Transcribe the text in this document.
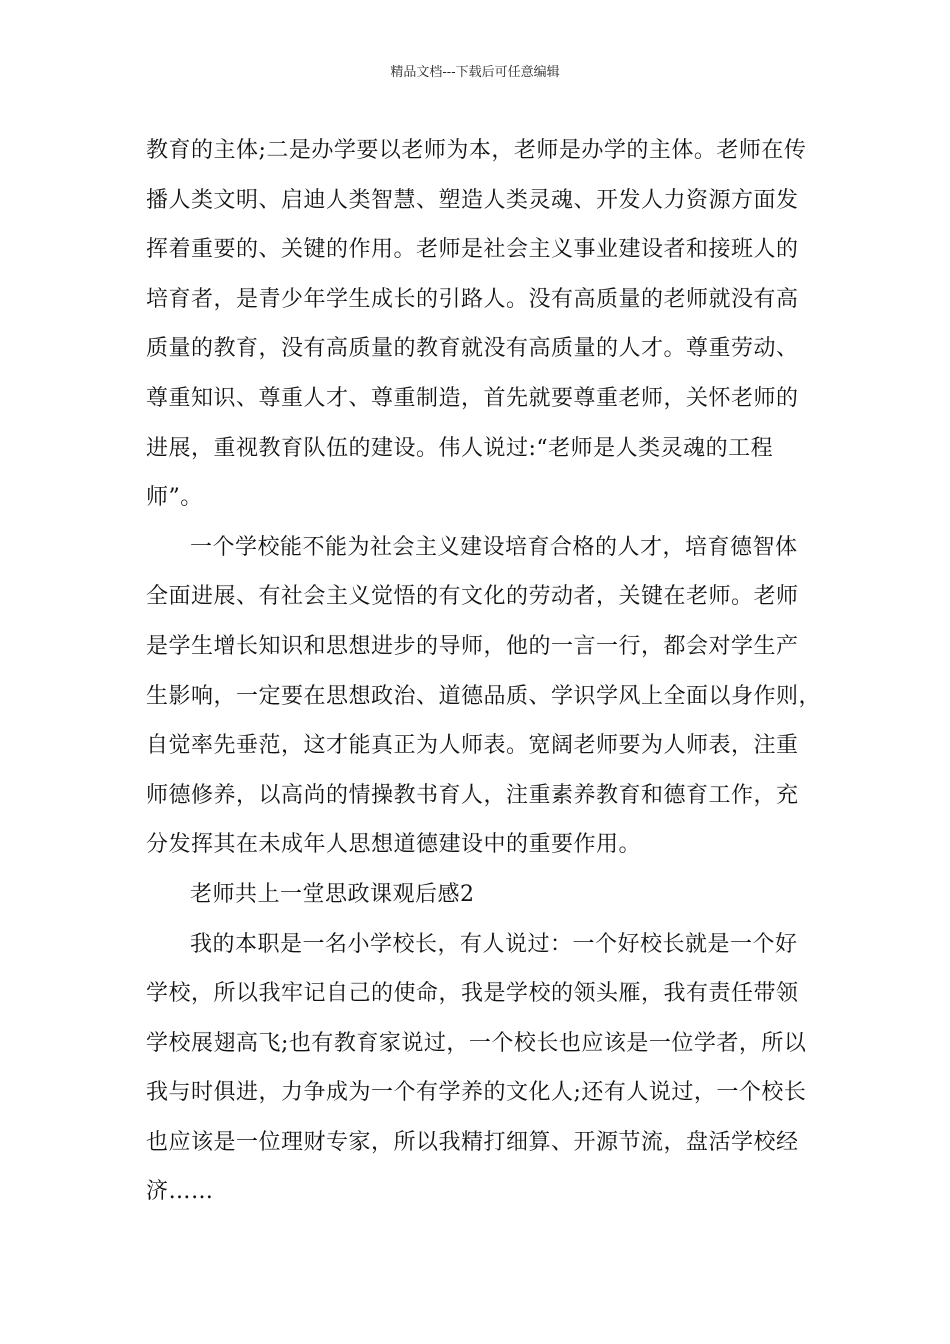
精品文档---下载后可任意编辑
教育的主体;二是办学要以老师为本，老师是办学的主体。老师在传
播人类文明、启迪人类智慧、塑造人类灵魂、开发人力资源方面发
挥着重要的、关键的作用。老师是社会主义事业建设者和接班人的
培育者，是青少年学生成长的引路人。没有高质量的老师就没有高
质量的教育，没有高质量的教育就没有高质量的人才。尊重劳动、
尊重知识、尊重人才、尊重制造，首先就要尊重老师，关怀老师的
进展，重视教育队伍的建设。伟人说过:“老师是人类灵魂的工程
师”。
一个学校能不能为社会主义建设培育合格的人才，培育德智体
全面进展、有社会主义觉悟的有文化的劳动者，关键在老师。老师
是学生增长知识和思想进步的导师，他的一言一行，都会对学生产
生影响，一定要在思想政治、道德品质、学识学风上全面以身作则，
自觉率先垂范，这才能真正为人师表。宽阔老师要为人师表，注重
师德修养，以高尚的情操教书育人，注重素养教育和德育工作，充
分发挥其在未成年人思想道德建设中的重要作用。
老师共上一堂思政课观后感2
我的本职是一名小学校长，有人说过：一个好校长就是一个好
学校，所以我牢记自己的使命，我是学校的领头雁，我有责任带领
学校展翅高飞;也有教育家说过，一个校长也应该是一位学者，所以
我与时俱进，力争成为一个有学养的文化人;还有人说过，一个校长
也应该是一位理财专家，所以我精打细算、开源节流，盘活学校经
济……
